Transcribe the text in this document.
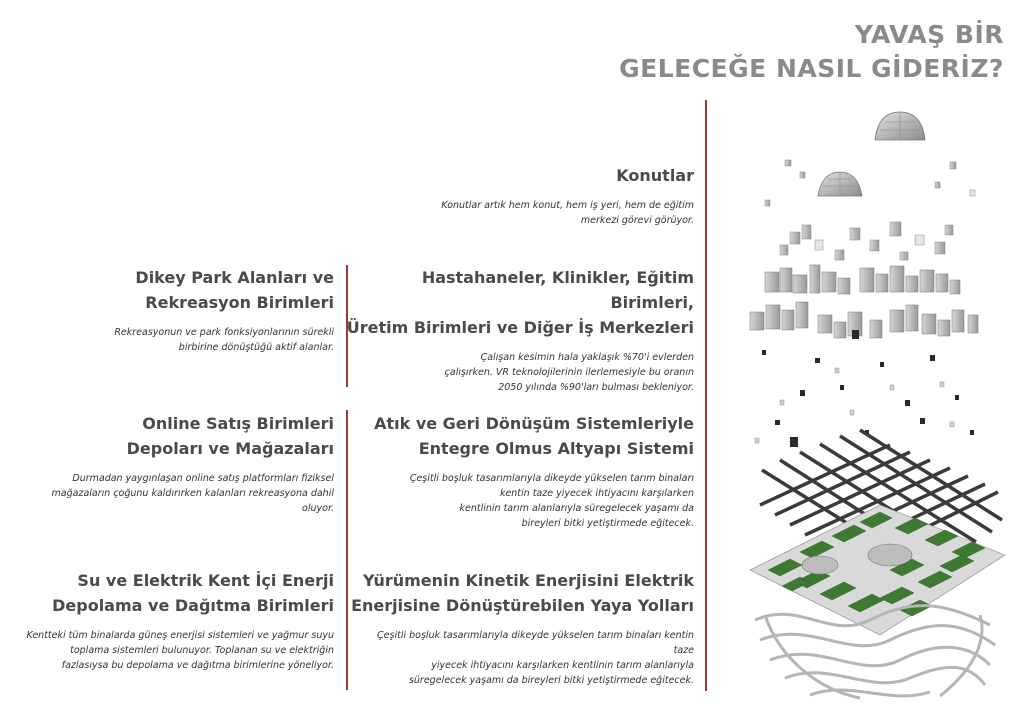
YAVAŞ BİR
GELECEĞE NASIL GİDERİZ?
Konutlar

Konutlar artık hem konut, hem iş yeri, hem de eğitim
merkezi görevi görüyor.

Hastahaneler, Klinikler, Eğitim Birimleri,
Üretim Birimleri ve Diğer İş Merkezleri

Çalışan kesimin hala yaklaşık %70'i evlerden
çalışırken. VR teknolojilerinin ilerlemesiyle bu oranın
2050 yılında %90'ları bulması bekleniyor.

Atık ve Geri Dönüşüm Sistemleriyle
Entegre Olmus Altyapı Sistemi

Çeşitli boşluk tasarımlarıyla dikeyde yükselen tarım binaları
kentin taze yiyecek ihtiyacını karşılarken
kentlinin tarım alanlarıyla süregelecek yaşamı da
bireyleri bitki yetiştirmede eğitecek.

Yürümenin Kinetik Enerjisini Elektrik
Enerjisine Dönüştürebilen Yaya Yolları

Çeşitli boşluk tasarımlarıyla dikeyde yükselen tarım binaları kentin
taze
yiyecek ihtiyacını karşılarken kentlinin tarım alanlarıyla
süregelecek yaşamı da bireyleri bitki yetiştirmede eğitecek.

Dikey Park Alanları ve
Rekreasyon Birimleri

Rekreasyonun ve park fonksiyonlarının sürekli
birbirine dönüştüğü aktif alanlar.

Online Satış Birimleri
Depoları ve Mağazaları

Durmadan yaygınlaşan online satış platformları fiziksel
mağazaların çoğunu kaldırırken kalanları rekreasyona dahil
oluyor.

Su ve Elektrik Kent İçi Enerji
Depolama ve Dağıtma Birimleri

Kentteki tüm binalarda güneş enerjisi sistemleri ve yağmur suyu
toplama sistemleri bulunuyor. Toplanan su ve elektriğin
fazlasıysa bu depolama ve dağıtma birimlerine yöneliyor.
